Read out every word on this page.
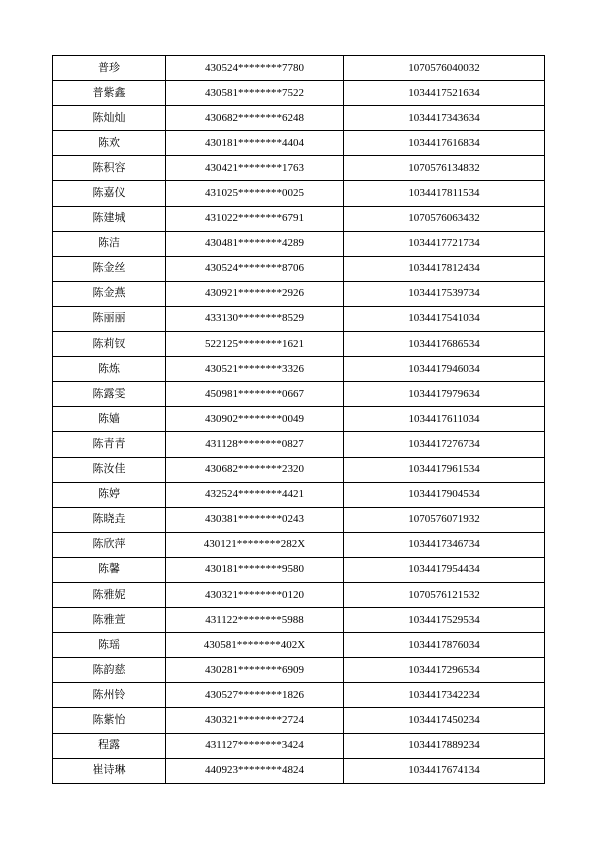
普珍	430524********7780	1070576040032
普紫鑫	430581********7522	1034417521634
陈灿灿	430682********6248	1034417343634
陈欢	430181********4404	1034417616834
陈积容	430421********1763	1070576134832
陈嘉仪	431025********0025	1034417811534
陈建城	431022********6791	1070576063432
陈洁	430481********4289	1034417721734
陈金丝	430524********8706	1034417812434
陈金燕	430921********2926	1034417539734
陈丽丽	433130********8529	1034417541034
陈莉钗	522125********1621	1034417686534
陈炼	430521********3326	1034417946034
陈露雯	450981********0667	1034417979634
陈嫱	430902********0049	1034417611034
陈青青	431128********0827	1034417276734
陈汝佳	430682********2320	1034417961534
陈婷	432524********4421	1034417904534
陈晓垚	430381********0243	1070576071932
陈欣萍	430121********282X	1034417346734
陈馨	430181********9580	1034417954434
陈雅妮	430321********0120	1070576121532
陈雅萱	431122********5988	1034417529534
陈瑶	430581********402X	1034417876034
陈韵慈	430281********6909	1034417296534
陈州铃	430527********1826	1034417342234
陈紫怡	430321********2724	1034417450234
程露	431127********3424	1034417889234
崔诗琳	440923********4824	1034417674134
